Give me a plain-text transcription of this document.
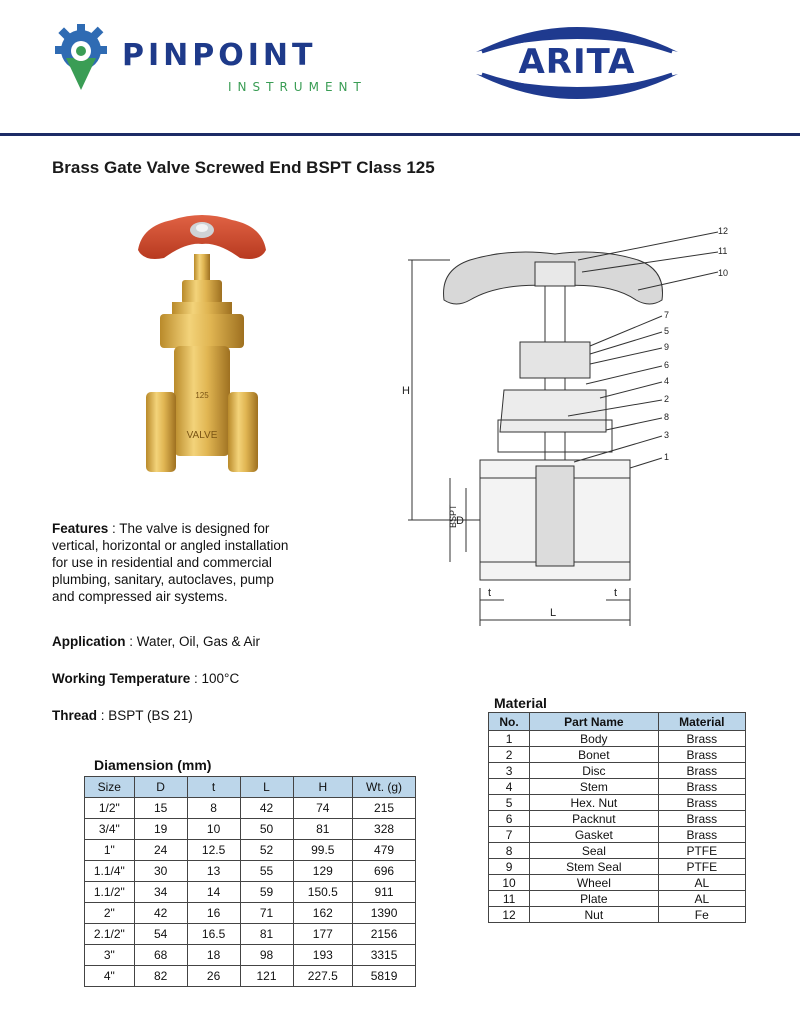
PINPOINT
INSTRUMENT
ARITA
Brass Gate Valve Screwed End BSPT Class 125
125
VALVE
12
11
10
7
5
9
6
4
2
8
3
1
H
BSPT
D
t	t
L
Features : The valve is designed for
vertical, horizontal or angled installation
for use in residential and commercial
plumbing, sanitary, autoclaves, pump
and compressed air systems.
Application : Water, Oil, Gas & Air
Working Temperature : 100°C
Thread : BSPT (BS 21)
Diamension (mm)
Size	D	t	L	H	Wt. (g)
1/2"	15	8	42	74	215
3/4"	19	10	50	81	328
1"	24	12.5	52	99.5	479
1.1/4"	30	13	55	129	696
1.1/2"	34	14	59	150.5	911
2"	42	16	71	162	1390
2.1/2"	54	16.5	81	177	2156
3"	68	18	98	193	3315
4"	82	26	121	227.5	5819
Material
No.	Part Name	Material
1	Body	Brass
2	Bonet	Brass
3	Disc	Brass
4	Stem	Brass
5	Hex. Nut	Brass
6	Packnut	Brass
7	Gasket	Brass
8	Seal	PTFE
9	Stem Seal	PTFE
10	Wheel	AL
11	Plate	AL
12	Nut	Fe
